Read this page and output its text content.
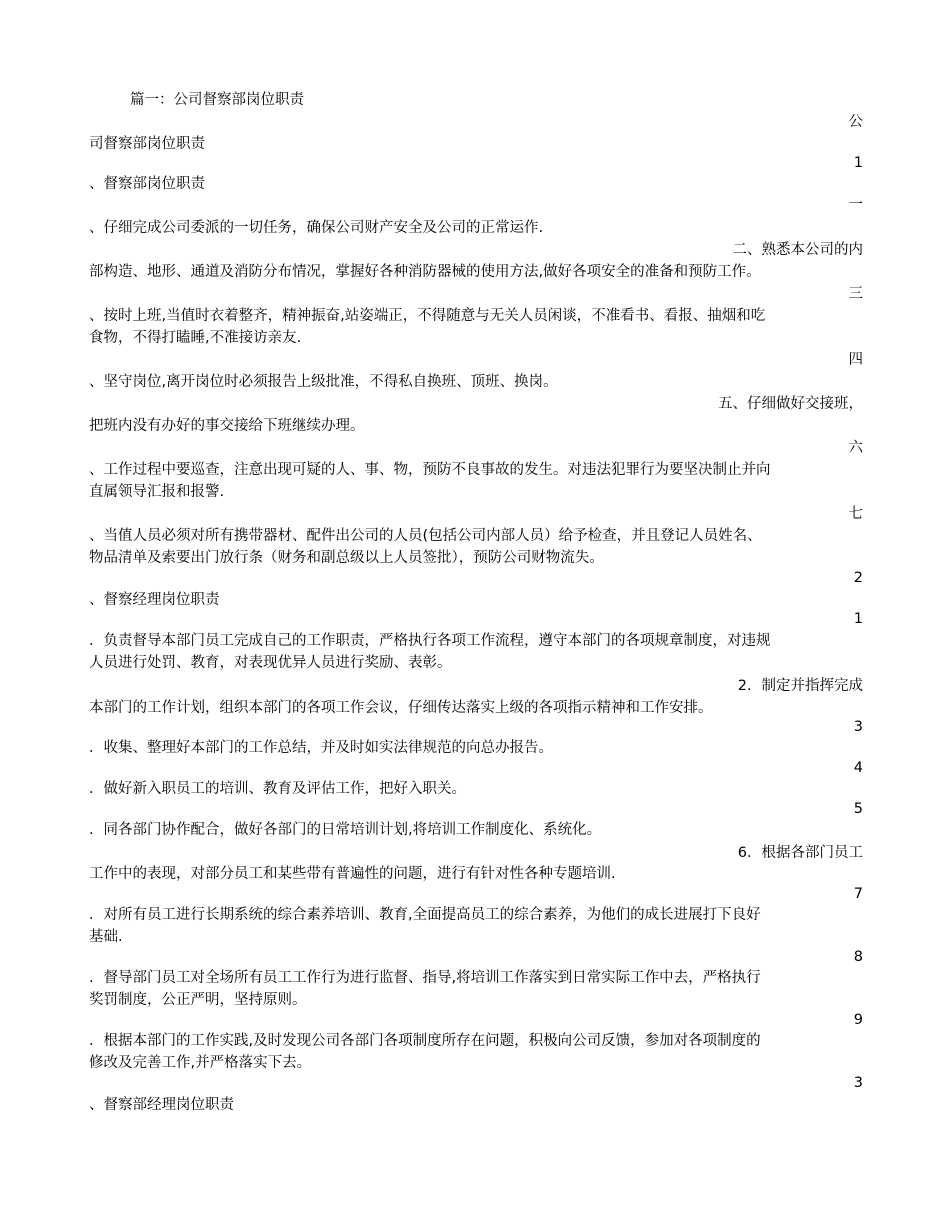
篇一：公司督察部岗位职责
公
司督察部岗位职责
1
、督察部岗位职责
一
、仔细完成公司委派的一切任务，确保公司财产安全及公司的正常运作.
二、熟悉本公司的内
部构造、地形、通道及消防分布情况，掌握好各种消防器械的使用方法,做好各项安全的准备和预防工作。
三
、按时上班,当值时衣着整齐，精神振奋,站姿端正，不得随意与无关人员闲谈，不准看书、看报、抽烟和吃
食物，不得打瞌睡,不准接访亲友.
四
、坚守岗位,离开岗位时必须报告上级批准，不得私自换班、顶班、换岗。
五、仔细做好交接班，
把班内没有办好的事交接给下班继续办理。
六
、工作过程中要巡查，注意出现可疑的人、事、物，预防不良事故的发生。对违法犯罪行为要坚决制止并向
直属领导汇报和报警.
七
、当值人员必须对所有携带器材、配件出公司的人员(包括公司内部人员）给予检查，并且登记人员姓名、
物品清单及索要出门放行条（财务和副总级以上人员签批），预防公司财物流失。
2
、督察经理岗位职责
1
．负责督导本部门员工完成自己的工作职责，严格执行各项工作流程，遵守本部门的各项规章制度，对违规
人员进行处罚、教育，对表现优异人员进行奖励、表彰。
2．制定并指挥完成
本部门的工作计划，组织本部门的各项工作会议，仔细传达落实上级的各项指示精神和工作安排。
3
．收集、整理好本部门的工作总结，并及时如实法律规范的向总办报告。
4
．做好新入职员工的培训、教育及评估工作，把好入职关。
5
．同各部门协作配合，做好各部门的日常培训计划,将培训工作制度化、系统化。
6．根据各部门员工
工作中的表现，对部分员工和某些带有普遍性的问题，进行有针对性各种专题培训.
7
．对所有员工进行长期系统的综合素养培训、教育,全面提高员工的综合素养，为他们的成长进展打下良好
基础.
8
．督导部门员工对全场所有员工工作行为进行监督、指导,将培训工作落实到日常实际工作中去，严格执行
奖罚制度，公正严明，坚持原则。
9
．根据本部门的工作实践,及时发现公司各部门各项制度所存在问题，积极向公司反馈，参加对各项制度的
修改及完善工作,并严格落实下去。
3
、督察部经理岗位职责
